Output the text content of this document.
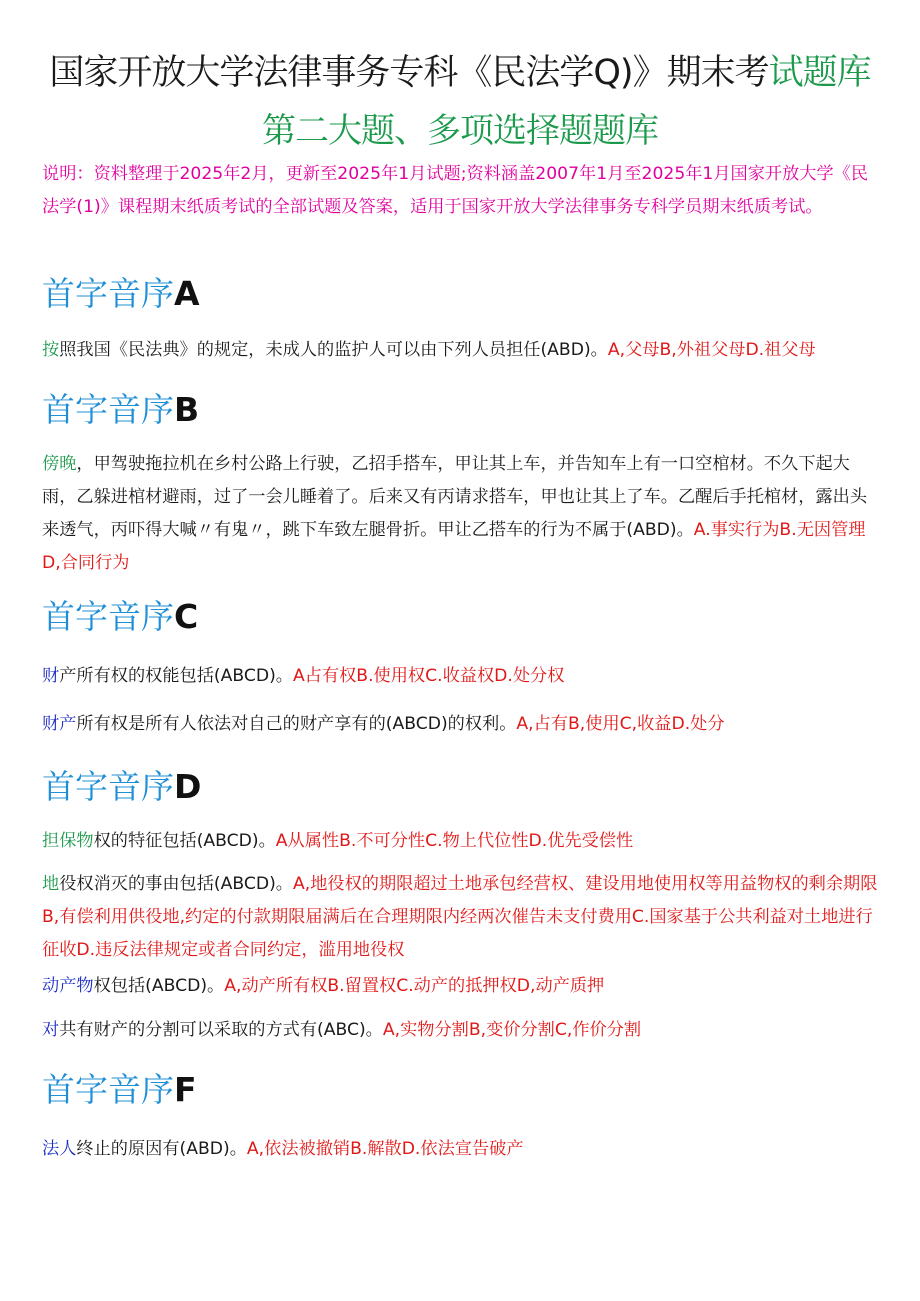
国家开放大学法律事务专科《民法学Q)》期末考试题库
第二大题、多项选择题题库
说明：资料整理于2025年2月，更新至2025年1月试题;资料涵盖2007年1月至2025年1月国家开放大学《民法学(1)》课程期末纸质考试的全部试题及答案，适用于国家开放大学法律事务专科学员期末纸质考试。
首字音序A
按照我国《民法典》的规定，未成人的监护人可以由下列人员担任(ABD)。A,父母B,外祖父母D.祖父母
首字音序B
傍晚，甲驾驶拖拉机在乡村公路上行驶，乙招手搭车，甲让其上车，并告知车上有一口空棺材。不久下起大雨，乙躲进棺材避雨，过了一会儿睡着了。后来又有丙请求搭车，甲也让其上了车。乙醒后手托棺材，露出头来透气，丙吓得大喊〃有鬼〃，跳下车致左腿骨折。甲让乙搭车的行为不属于(ABD)。A.事实行为B.无因管理D,合同行为
首字音序C
财产所有权的权能包括(ABCD)。A占有权B.使用权C.收益权D.处分权
财产所有权是所有人依法对自己的财产享有的(ABCD)的权利。A,占有B,使用C,收益D.处分
首字音序D
担保物权的特征包括(ABCD)。A从属性B.不可分性C.物上代位性D.优先受偿性
地役权消灭的事由包括(ABCD)。A,地役权的期限超过土地承包经营权、建设用地使用权等用益物权的剩余期限B,有偿利用供役地,约定的付款期限届满后在合理期限内经两次催告未支付费用C.国家基于公共利益对土地进行征收D.违反法律规定或者合同约定，滥用地役权
动产物权包括(ABCD)。A,动产所有权B.留置权C.动产的抵押权D,动产质押
对共有财产的分割可以采取的方式有(ABC)。A,实物分割B,变价分割C,作价分割
首字音序F
法人终止的原因有(ABD)。A,依法被撤销B.解散D.依法宣告破产
